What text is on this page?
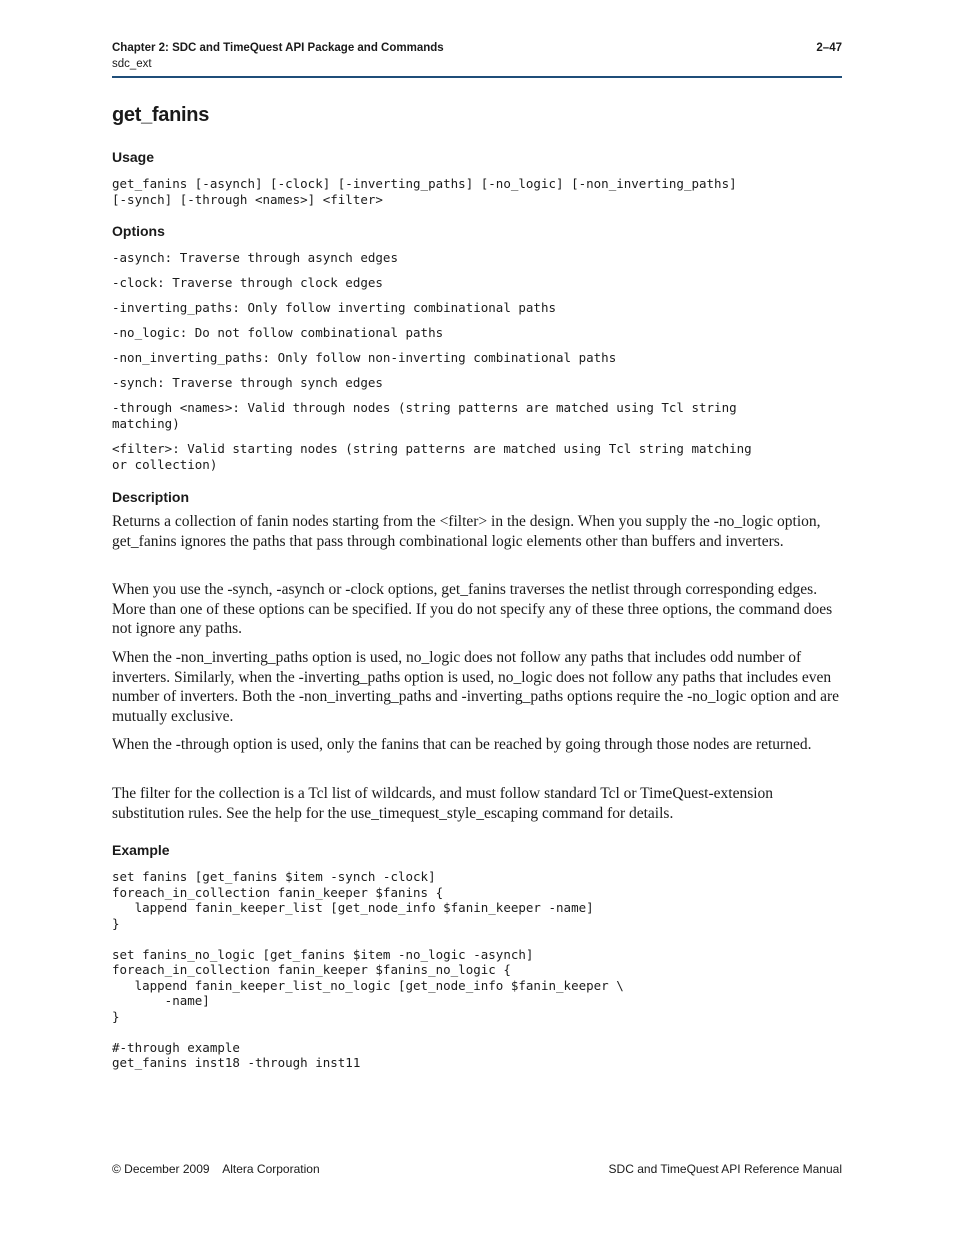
Chapter 2: SDC and TimeQuest API Package and Commands	2–47
sdc_ext
get_fanins
Usage
get_fanins [-asynch] [-clock] [-inverting_paths] [-no_logic] [-non_inverting_paths]
[-synch] [-through <names>] <filter>
Options
-asynch: Traverse through asynch edges
-clock: Traverse through clock edges
-inverting_paths: Only follow inverting combinational paths
-no_logic: Do not follow combinational paths
-non_inverting_paths: Only follow non-inverting combinational paths
-synch: Traverse through synch edges
-through <names>: Valid through nodes (string patterns are matched using Tcl string
matching)
<filter>: Valid starting nodes (string patterns are matched using Tcl string matching
or collection)
Description

Returns a collection of fanin nodes starting from the <filter> in the design. When you supply the -no_logic option, get_fanins ignores the paths that pass through combinational logic elements other than buffers and inverters.

When you use the -synch, -asynch or -clock options, get_fanins traverses the netlist through corresponding edges. More than one of these options can be specified. If you do not specify any of these three options, the command does not ignore any paths.

When the -non_inverting_paths option is used, no_logic does not follow any paths that includes odd number of inverters. Similarly, when the -inverting_paths option is used, no_logic does not follow any paths that includes even number of inverters. Both the -non_inverting_paths and -inverting_paths options require the -no_logic option and are mutually exclusive.

When the -through option is used, only the fanins that can be reached by going through those nodes are returned.

The filter for the collection is a Tcl list of wildcards, and must follow standard Tcl or TimeQuest-extension substitution rules. See the help for the use_timequest_style_escaping command for details.

Example
set fanins [get_fanins $item -synch -clock]
foreach_in_collection fanin_keeper $fanins {
lappend fanin_keeper_list [get_node_info $fanin_keeper -name]
}

set fanins_no_logic [get_fanins $item -no_logic -asynch]
foreach_in_collection fanin_keeper $fanins_no_logic {
lappend fanin_keeper_list_no_logic [get_node_info $fanin_keeper \
-name]
}

#-through example
get_fanins inst18 -through inst11
© December 2009    Altera Corporation	SDC and TimeQuest API Reference Manual
